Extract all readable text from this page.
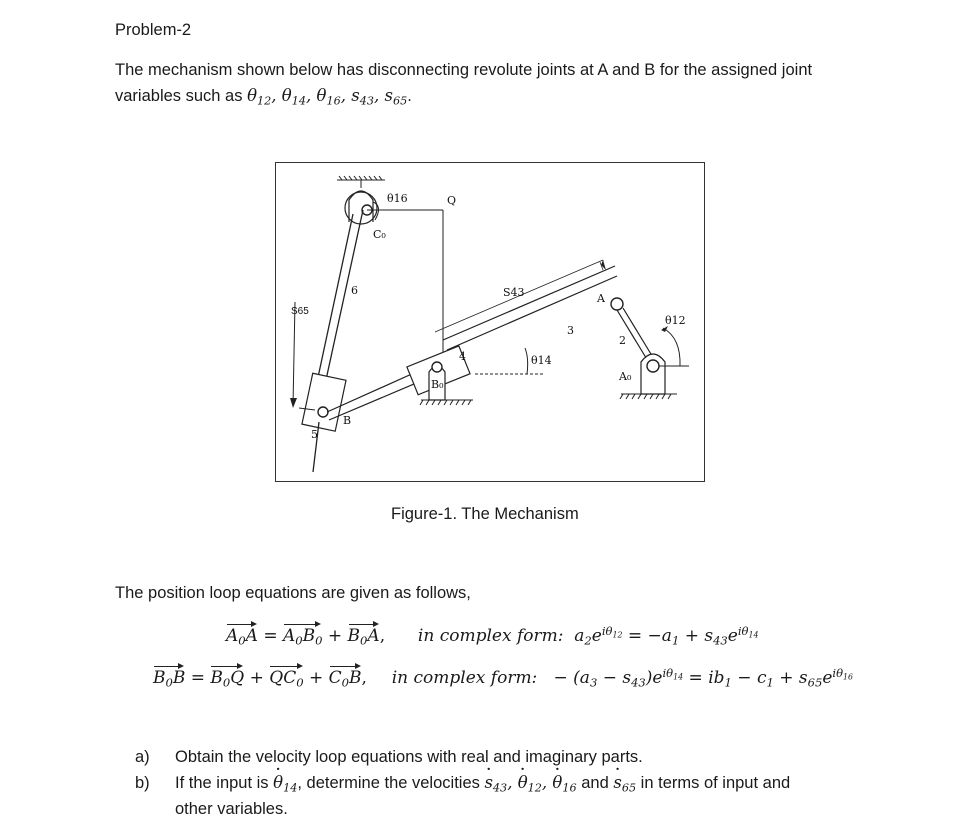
Problem-2
The mechanism shown below has disconnecting revolute joints at A and B for the assigned joint
variables such as $\theta_{12}$, $\theta_{14}$, $\theta_{16}$, $s_{43}$, $s_{65}$.
θ16	Q
C₀
6
S65
S43	A
θ12
3
2
4	θ14
B₀
A₀
B
5
Figure-1. The Mechanism
The position loop equations are given as follows,
$A_0A = A_0B_0 + B_0A$,  in complex form:  $a_2e^{i\theta_{12}} = -a_1 + s_{43}e^{i\theta_{14}}$
$B_0B = B_0Q + QC_0 + C_0B$,  in complex form:   − $(a_3 - s_{43})e^{i\theta_{14}} = ib_1 - c_1 + s_{65}e^{i\theta_{16}}$
a) Obtain the velocity loop equations with real and imaginary parts.
b) If the input is · $\theta_{14}$, determine the velocities · $s_{43}$, · $\theta_{12}$, · $\theta_{16}$ and · $s_{65}$ in terms of input and
other variables.
